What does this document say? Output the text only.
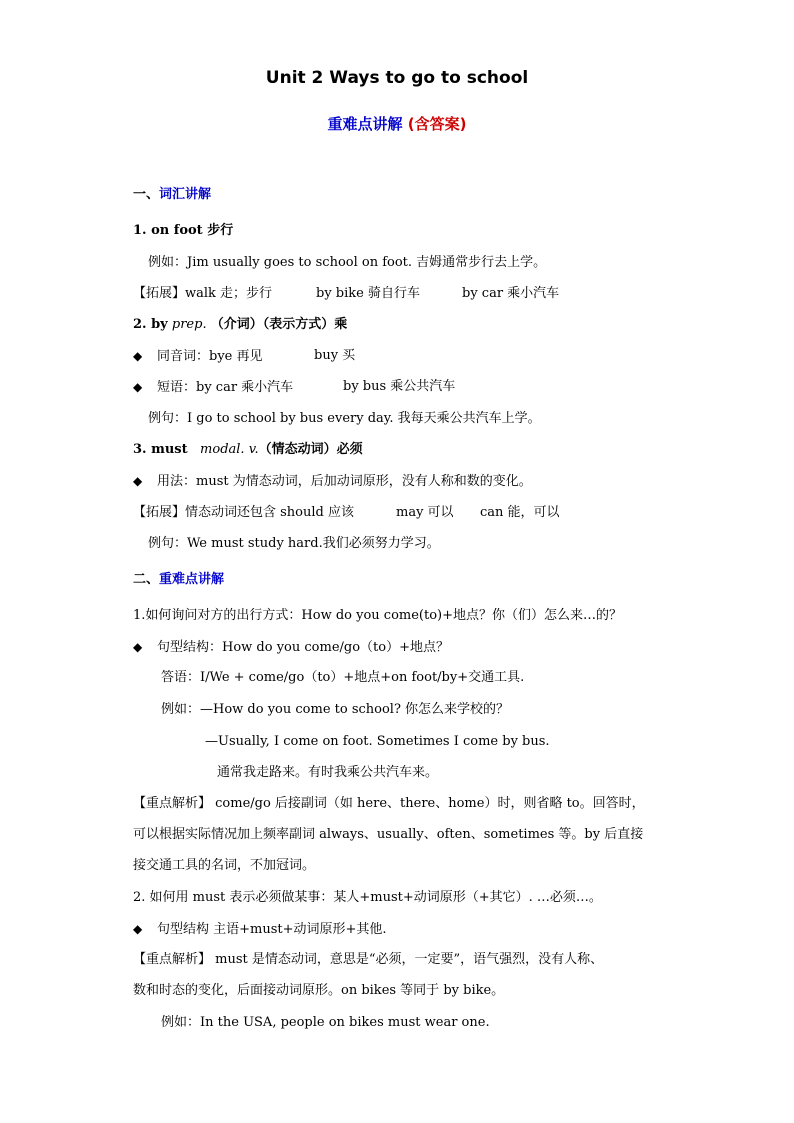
Unit 2 Ways to go to school
重难点讲解 (含答案)
一、词汇讲解
1. on foot 步行
例如：Jim usually goes to school on foot. 吉姆通常步行去上学。
【拓展】walk 走；步行	by bike 骑自行车	by car 乘小汽车
2. by prep. （介词）（表示方式）乘
◆ 同音词：bye 再见	buy 买
◆ 短语：by car 乘小汽车	by bus 乘公共汽车
例句：I go to school by bus every day. 我每天乘公共汽车上学。
3. must modal. v.（情态动词）必须
◆ 用法：must 为情态动词，后加动词原形，没有人称和数的变化。
【拓展】情态动词还包含 should 应该	may 可以 can 能，可以
例句：We must study hard.我们必须努力学习。
二、重难点讲解
1.如何询问对方的出行方式：How do you come(to)+地点？你（们）怎么来…的？
◆ 句型结构：How do you come/go（to）+地点？
答语：I/We + come/go（to）+地点+on foot/by+交通工具.
例如：—How do you come to school? 你怎么来学校的？
—Usually, I come on foot. Sometimes I come by bus.
通常我走路来。有时我乘公共汽车来。
【重点解析】 come/go 后接副词（如 here、there、home）时，则省略 to。回答时，
可以根据实际情况加上频率副词 always、usually、often、sometimes 等。by 后直接
接交通工具的名词，不加冠词。
2. 如何用 must 表示必须做某事：某人+must+动词原形（+其它）. …必须…。
◆ 句型结构 主语+must+动词原形+其他.
【重点解析】 must 是情态动词，意思是“必须，一定要”，语气强烈，没有人称、
数和时态的变化，后面接动词原形。on bikes 等同于 by bike。
例如：In the USA, people on bikes must wear one.
